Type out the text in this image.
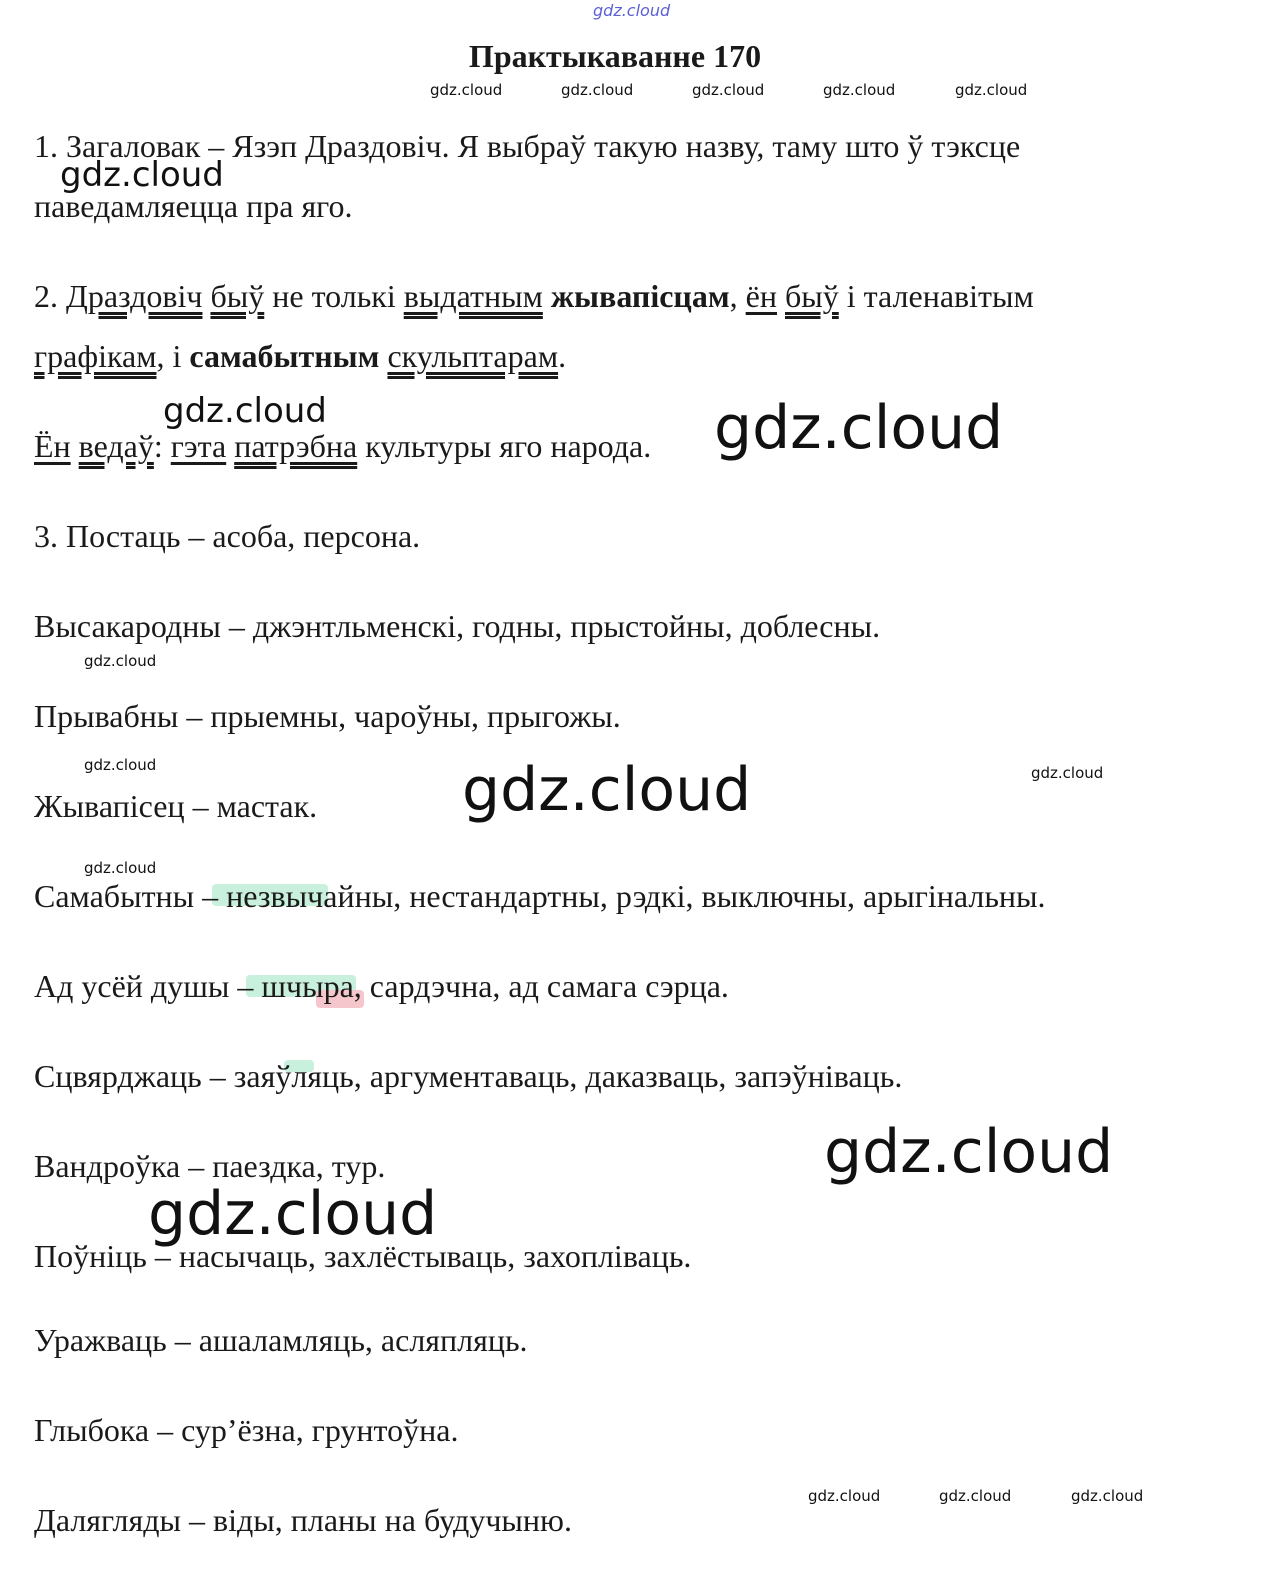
gdz.cloud
Практыкаванне 170
gdz.cloud	gdz.cloud	gdz.cloud	gdz.cloud	gdz.cloud
1. Загаловак – Язэп Драздовіч. Я выбраў такую назву, таму што ў тэксце
паведамляецца пра яго.
2. Драздовіч быў не толькі выдатным жывапісцам, ён быў і таленавітым
графікам, і самабытным скульптарам.
Ён ведаў: гэта патрэбна культуры яго народа.
3. Постаць – асоба, персона.
Высакародны – джэнтльменскі, годны, прыстойны, доблесны.
Прывабны – прыемны, чароўны, прыгожы.
Жывапісец – мастак.
Самабытны – незвычайны, нестандартны, рэдкі, выключны, арыгінальны.
Ад усёй душы – шчыра, сардэчна, ад самага сэрца.
Сцвярджаць – заяўляць, аргументаваць, даказваць, запэўніваць.
Вандроўка – паездка, тур.
Поўніць – насычаць, захлёстываць, захопліваць.
Уражваць – ашаламляць, асляпляць.
Глыбока – сур’ёзна, грунтоўна.
Далягляды – віды, планы на будучыню.
gdz.cloud
gdz.cloud	gdz.cloud
gdz.cloud
gdz.cloud	gdz.cloud	gdz.cloud
gdz.cloud
gdz.cloud
gdz.cloud
gdz.cloud	gdz.cloud	gdz.cloud
